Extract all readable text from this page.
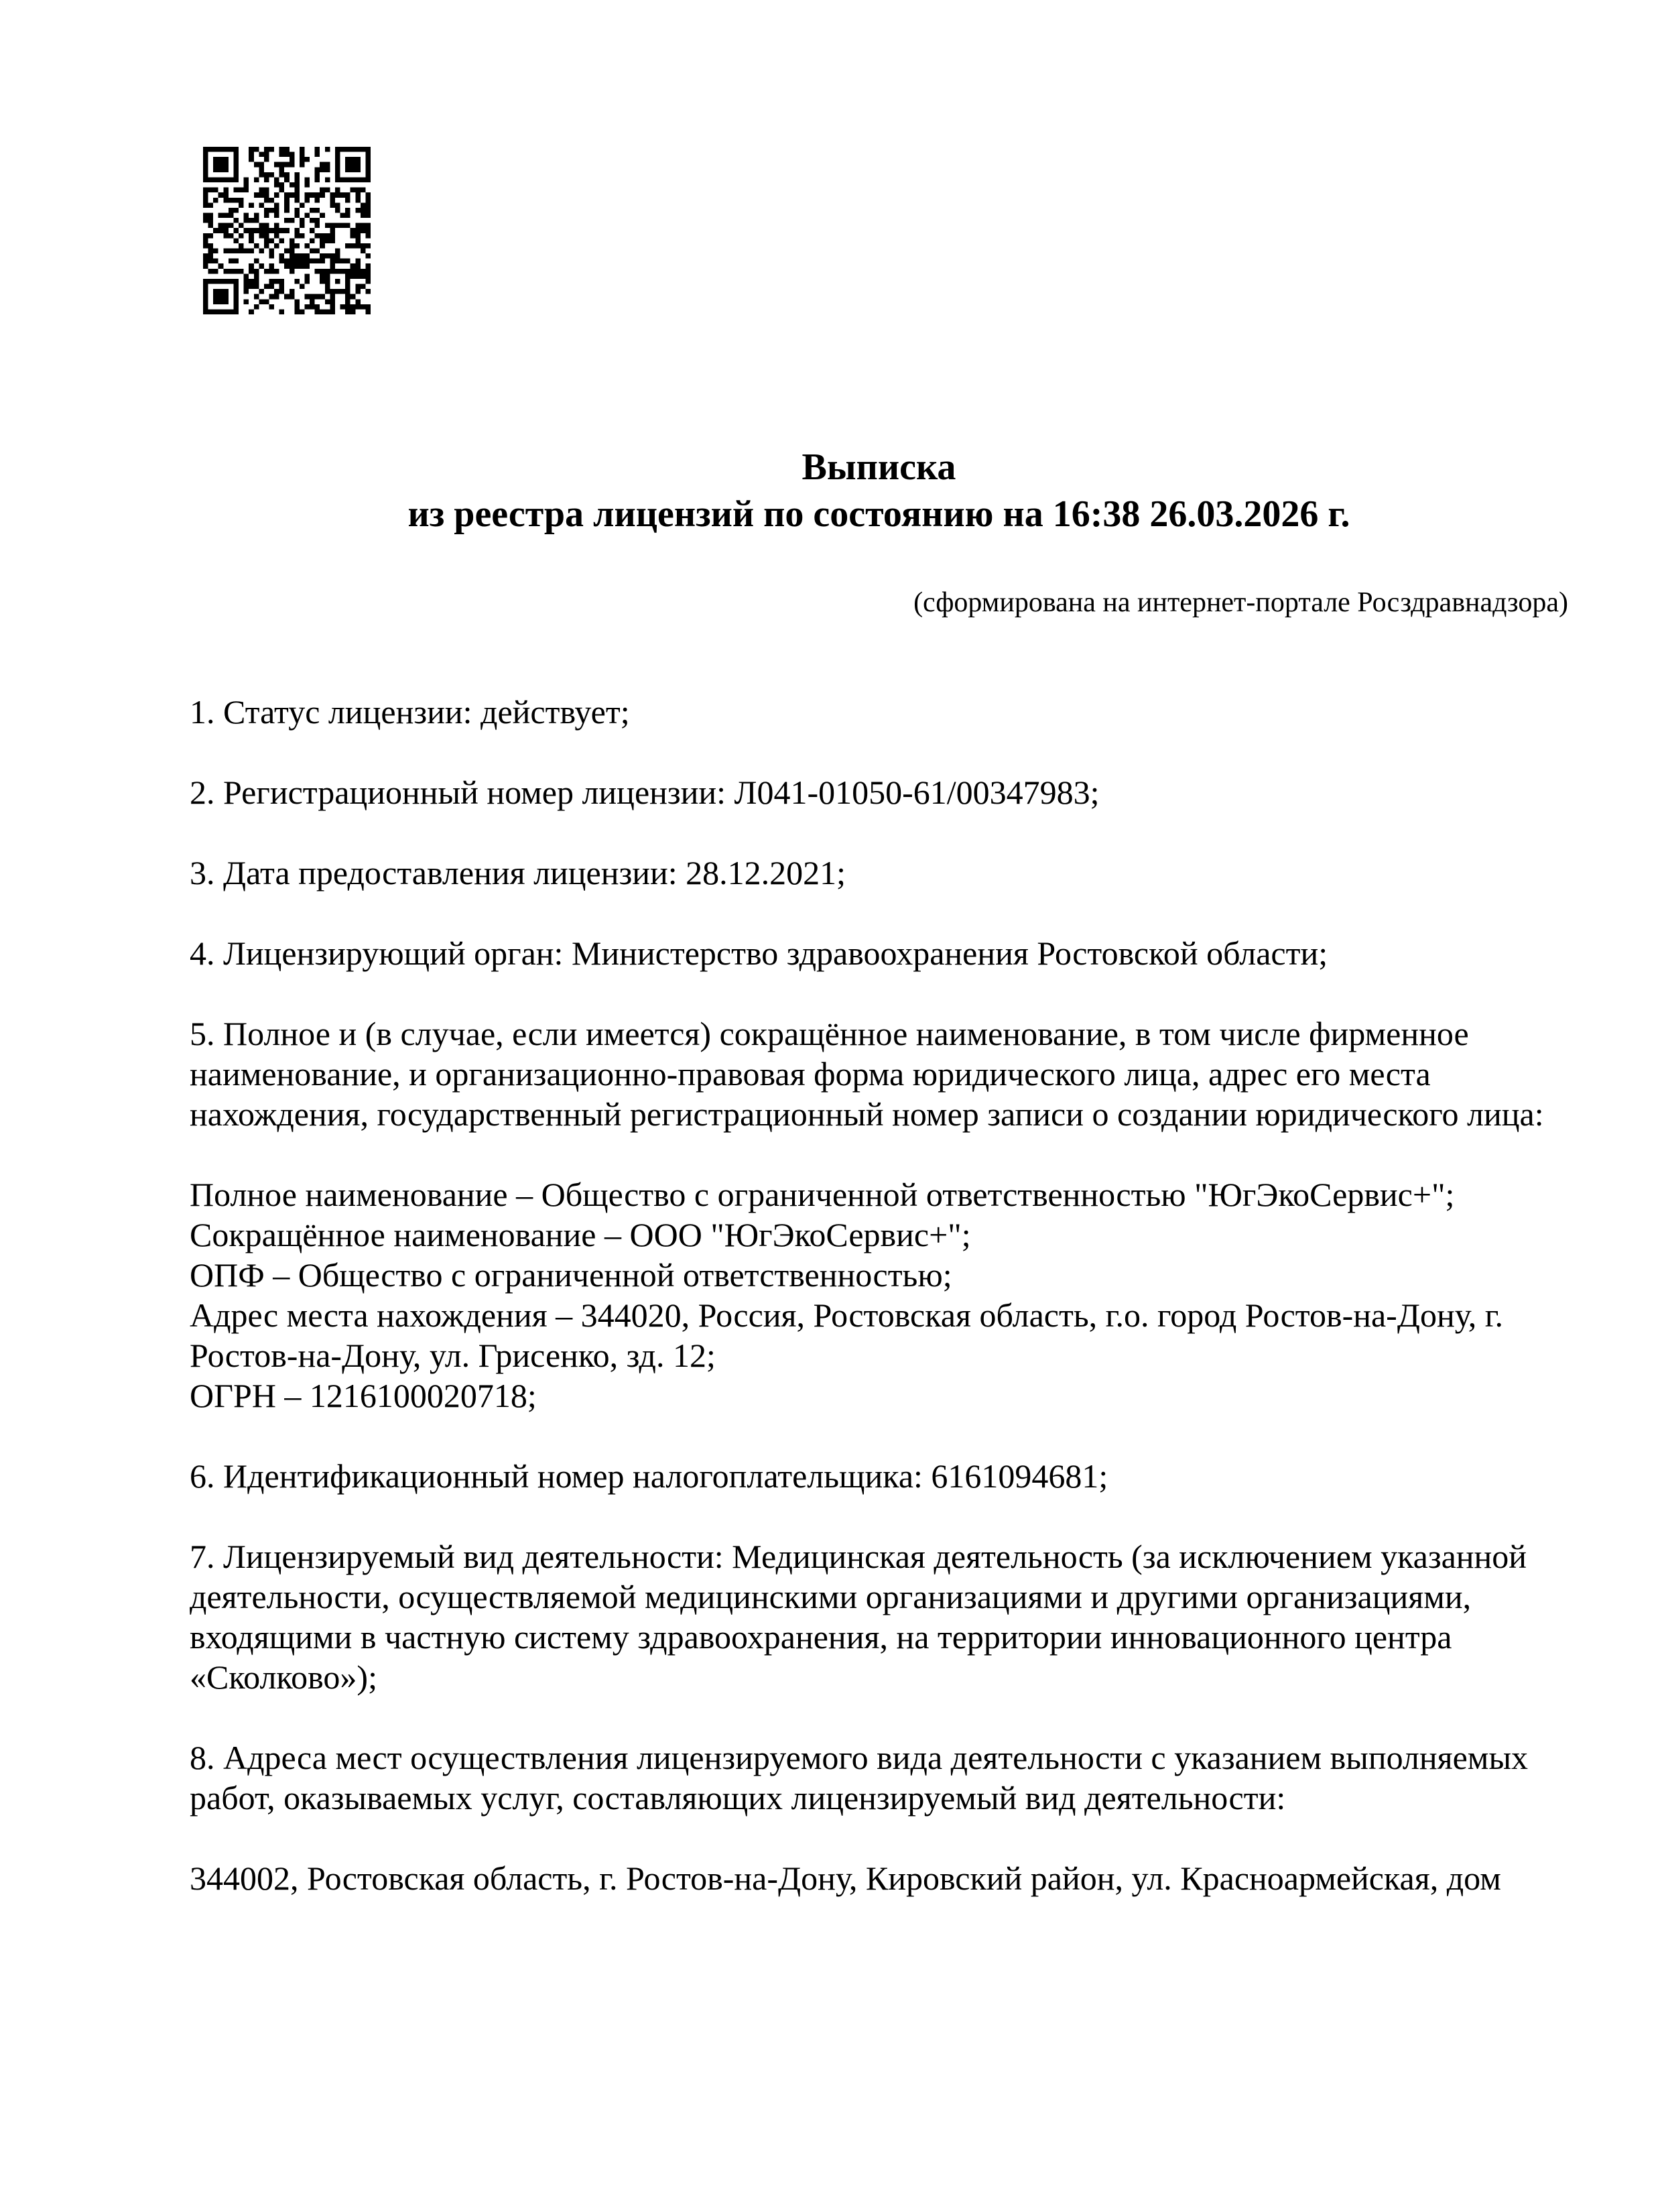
Выписка
из реестра лицензий по состоянию на 16:38 26.03.2026 г.
(сформирована на интернет-портале Росздравнадзора)
1. Статус лицензии: действует;
2. Регистрационный номер лицензии: Л041-01050-61/00347983;
3. Дата предоставления лицензии: 28.12.2021;
4. Лицензирующий орган: Министерство здравоохранения Ростовской области;
5. Полное и (в случае, если имеется) сокращённое наименование, в том числе фирменное наименование, и организационно-правовая форма юридического лица, адрес его места нахождения, государственный регистрационный номер записи о создании юридического лица:
Полное наименование – Общество с ограниченной ответственностью "ЮгЭкоСервис+";
Сокращённое наименование – ООО "ЮгЭкоСервис+";
ОПФ – Общество с ограниченной ответственностью;
Адрес места нахождения – 344020, Россия, Ростовская область, г.о. город Ростов-на-Дону, г. Ростов-на-Дону, ул. Грисенко, зд. 12;
ОГРН – 1216100020718;
6. Идентификационный номер налогоплательщика: 6161094681;
7. Лицензируемый вид деятельности: Медицинская деятельность (за исключением указанной деятельности, осуществляемой медицинскими организациями и другими организациями, входящими в частную систему здравоохранения, на территории инновационного центра «Сколково»);
8. Адреса мест осуществления лицензируемого вида деятельности с указанием выполняемых работ, оказываемых услуг, составляющих лицензируемый вид деятельности:
344002, Ростовская область, г. Ростов-на-Дону, Кировский район, ул. Красноармейская, дом
